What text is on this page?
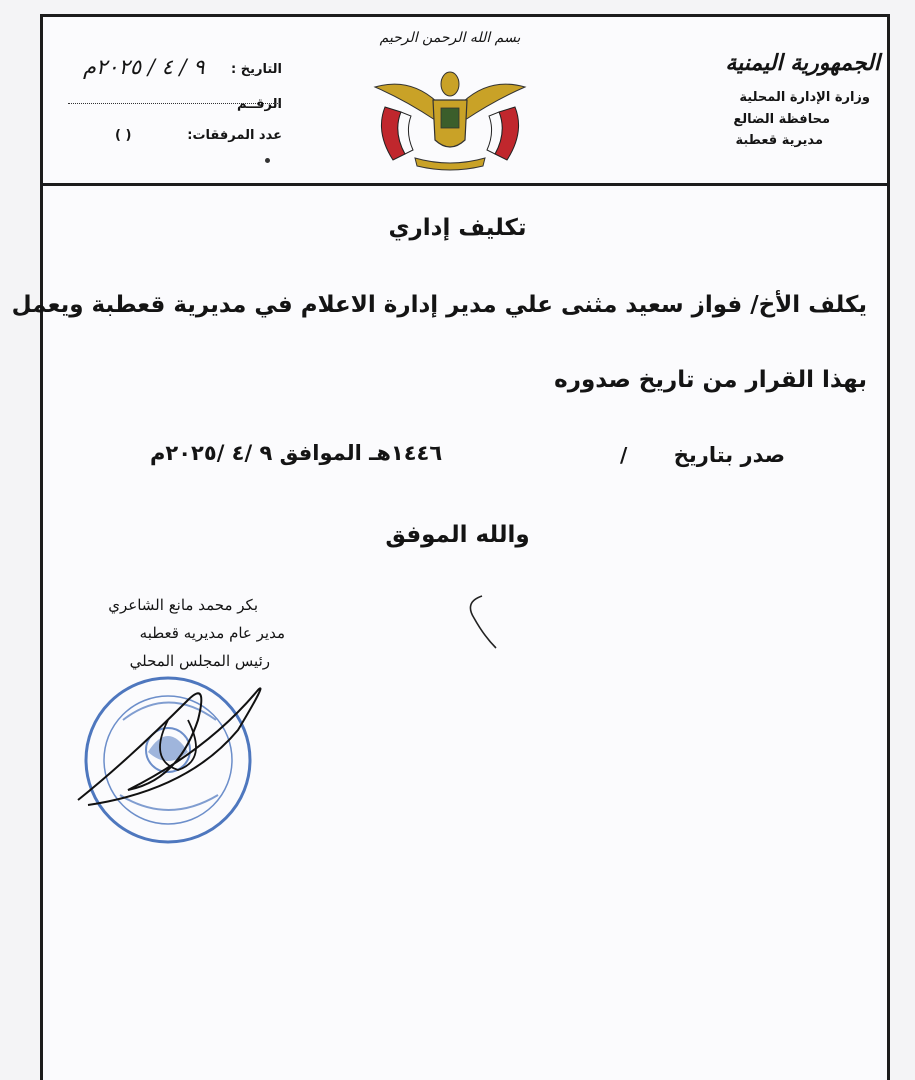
الجمهورية اليمنية
وزارة الإدارة المحلية
محافظة الضالع
مديرية قعطبة
بسم الله الرحمن الرحيم
التاريخ :
٩ / ٤ / ٢٠٢٥م
الرقــم
عدد المرفقات:
( )
تكليف إداري
يكلف الأخ/ فواز سعيد مثنى علي مدير إدارة الاعلام في مديرية قعطبة ويعمل
بهذا القرار من تاريخ صدوره
صدر بتاريخ
/
١٤٤٦هـ الموافق ٩ /٤ /٢٠٢٥م
والله الموفق
بكر محمد مانع الشاعري
مدير عام مديريه قعطبه
رئيس المجلس المحلي
